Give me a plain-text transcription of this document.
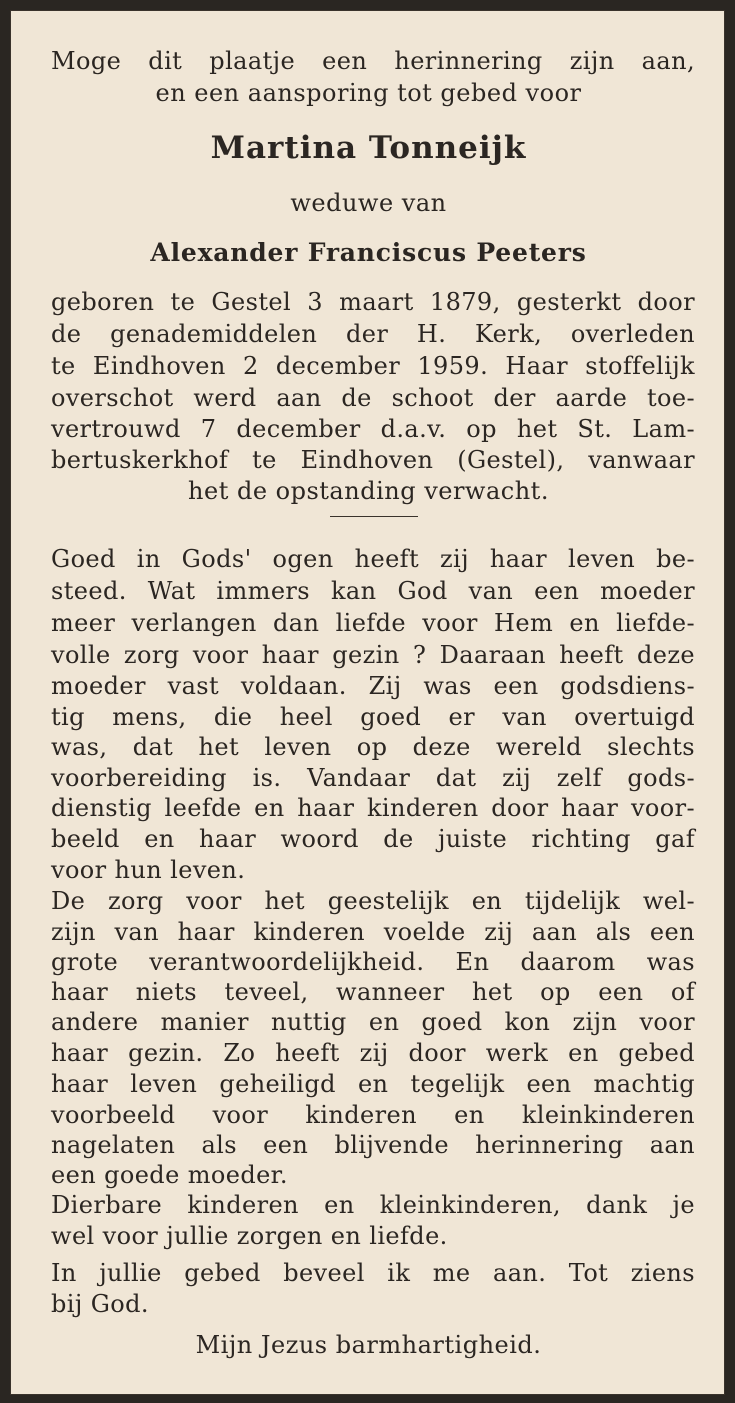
Moge dit plaatje een herinnering zijn aan,

en een aansporing tot gebed voor

Martina Tonneijk

weduwe van

Alexander Franciscus Peeters

geboren te Gestel 3 maart 1879, gesterkt door

de genademiddelen der H. Kerk, overleden

te Eindhoven 2 december 1959. Haar stoffelijk

overschot werd aan de schoot der aarde toe-

vertrouwd 7 december d.a.v. op het St. Lam-

bertuskerkhof te Eindhoven (Gestel), vanwaar

het de opstanding verwacht.

Goed in Gods' ogen heeft zij haar leven be-

steed. Wat immers kan God van een moeder

meer verlangen dan liefde voor Hem en liefde-

volle zorg voor haar gezin ? Daaraan heeft deze

moeder vast voldaan. Zij was een godsdiens-

tig mens, die heel goed er van overtuigd

was, dat het leven op deze wereld slechts

voorbereiding is. Vandaar dat zij zelf gods-

dienstig leefde en haar kinderen door haar voor-

beeld en haar woord de juiste richting gaf

voor hun leven.

De zorg voor het geestelijk en tijdelijk wel-

zijn van haar kinderen voelde zij aan als een

grote verantwoordelijkheid. En daarom was

haar niets teveel, wanneer het op een of

andere manier nuttig en goed kon zijn voor

haar gezin. Zo heeft zij door werk en gebed

haar leven geheiligd en tegelijk een machtig

voorbeeld voor kinderen en kleinkinderen

nagelaten als een blijvende herinnering aan

een goede moeder.

Dierbare kinderen en kleinkinderen, dank je

wel voor jullie zorgen en liefde.

In jullie gebed beveel ik me aan. Tot ziens

bij God.

Mijn Jezus barmhartigheid.
